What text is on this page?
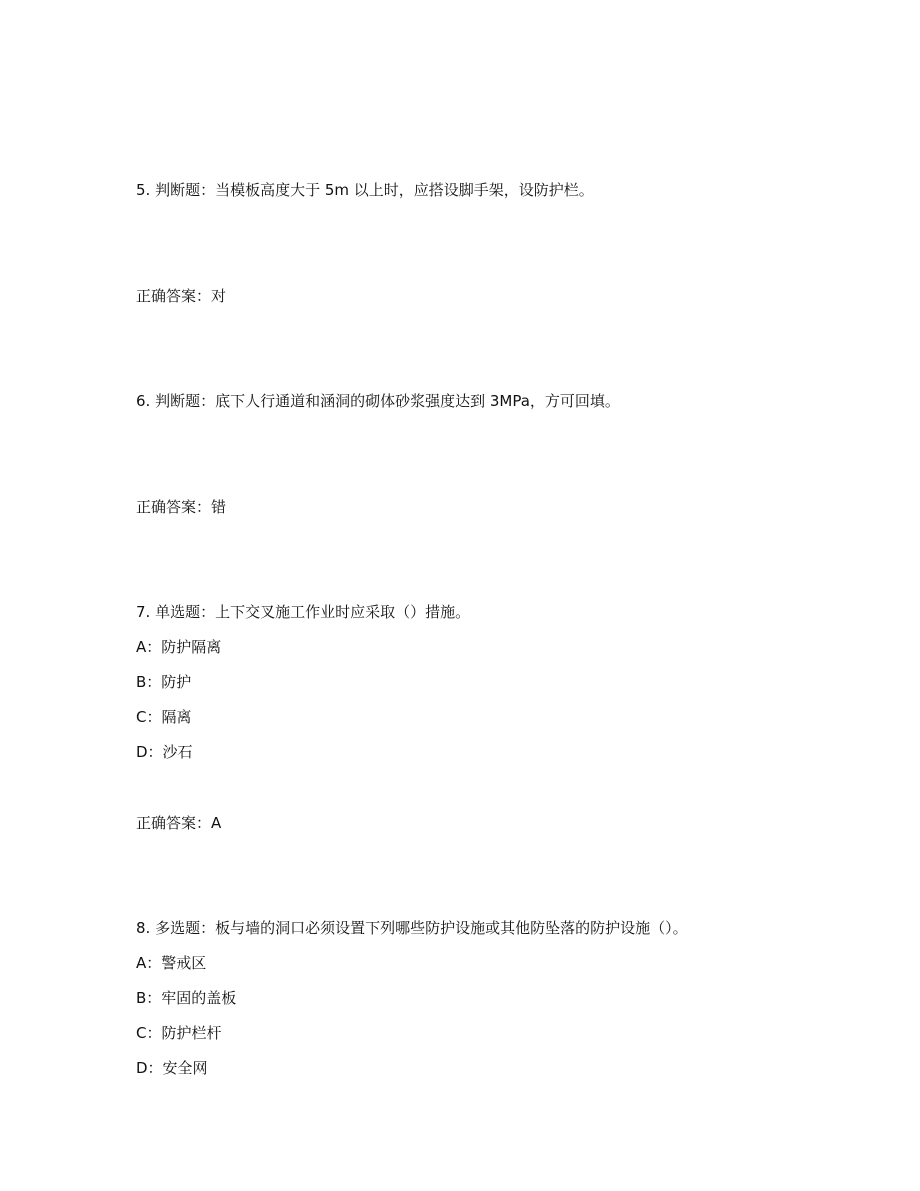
5. 判断题：当模板高度大于 5m 以上时，应搭设脚手架，设防护栏。
正确答案：对
6. 判断题：底下人行通道和涵洞的砌体砂浆强度达到 3MPa，方可回填。
正确答案：错
7. 单选题：上下交叉施工作业时应采取（）措施。
A：防护隔离
B：防护
C：隔离
D：沙石
正确答案：A
8. 多选题：板与墙的洞口必须设置下列哪些防护设施或其他防坠落的防护设施（）。
A：警戒区
B：牢固的盖板
C：防护栏杆
D：安全网
